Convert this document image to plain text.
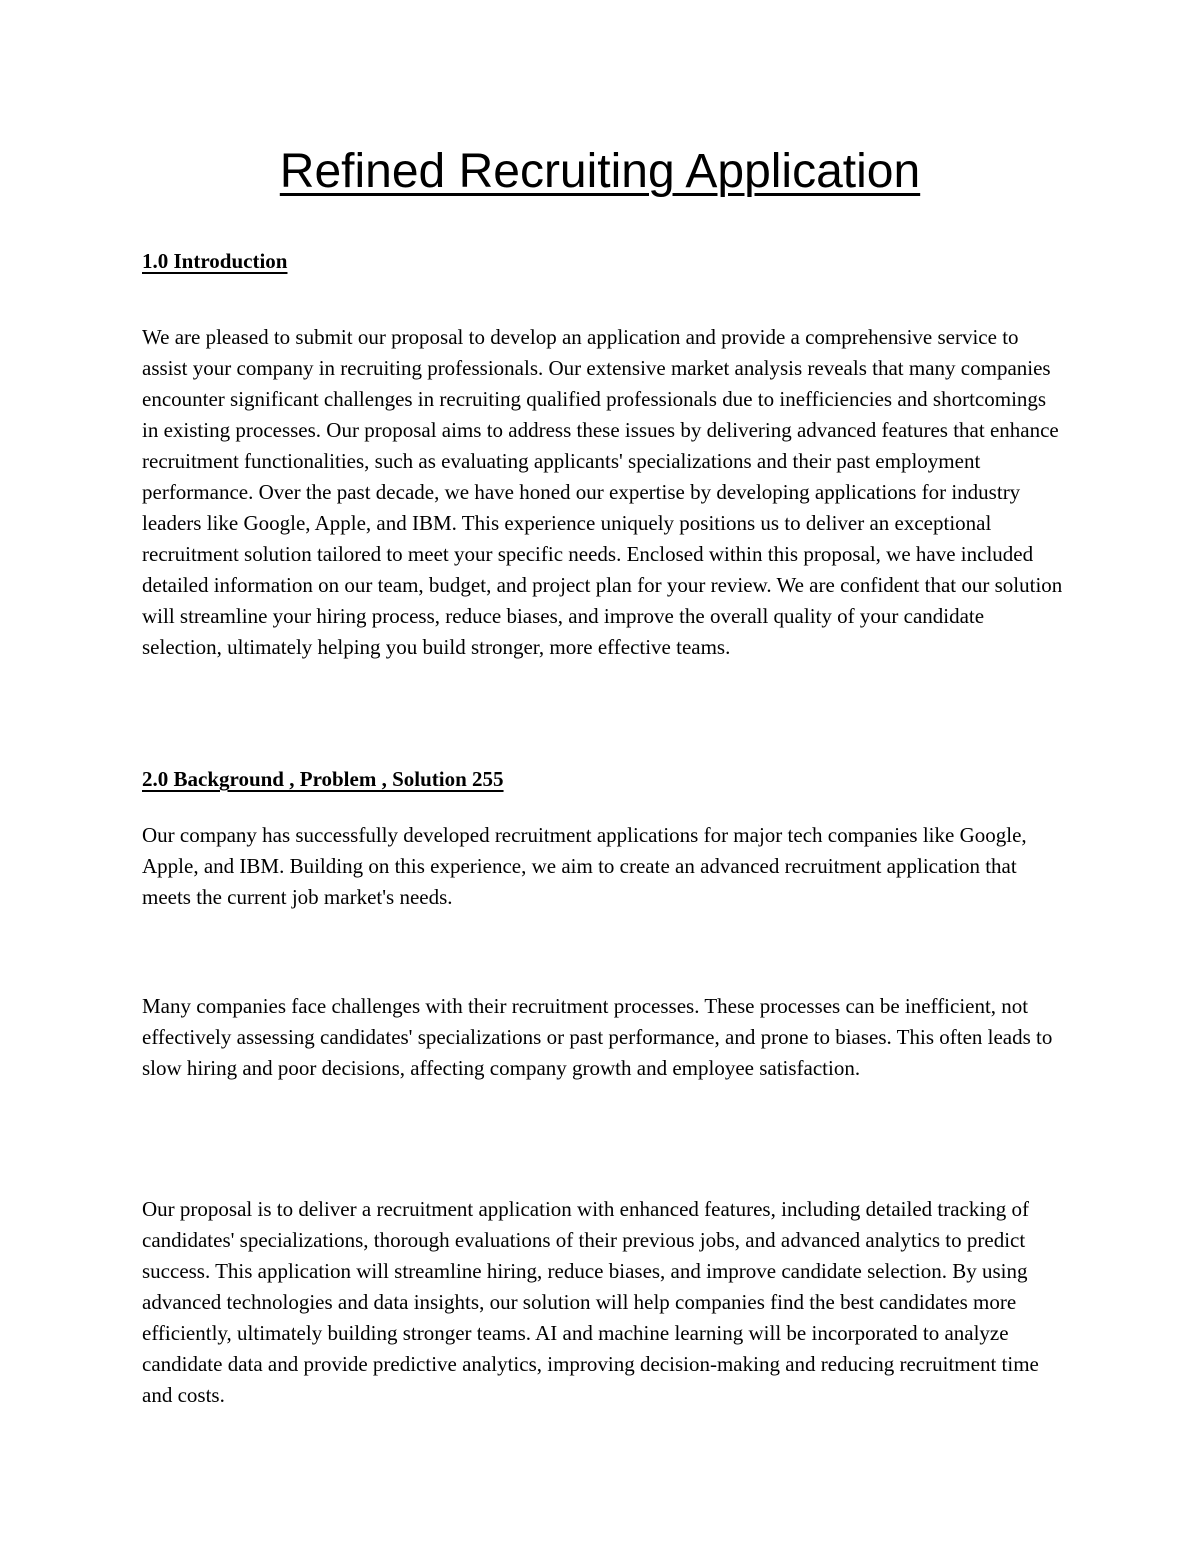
Refined Recruiting Application
1.0 Introduction

We are pleased to submit our proposal to develop an application and provide a comprehensive service to assist your company in recruiting professionals. Our extensive market analysis reveals that many companies encounter significant challenges in recruiting qualified professionals due to inefficiencies and shortcomings in existing processes. Our proposal aims to address these issues by delivering advanced features that enhance recruitment functionalities, such as evaluating applicants' specializations and their past employment performance. Over the past decade, we have honed our expertise by developing applications for industry leaders like Google, Apple, and IBM. This experience uniquely positions us to deliver an exceptional recruitment solution tailored to meet your specific needs. Enclosed within this proposal, we have included detailed information on our team, budget, and project plan for your review. We are confident that our solution will streamline your hiring process, reduce biases, and improve the overall quality of your candidate selection, ultimately helping you build stronger, more effective teams.

2.0 Background , Problem , Solution 255

Our company has successfully developed recruitment applications for major tech companies like Google, Apple, and IBM. Building on this experience, we aim to create an advanced recruitment application that meets the current job market's needs.

Many companies face challenges with their recruitment processes. These processes can be inefficient, not effectively assessing candidates' specializations or past performance, and prone to biases. This often leads to slow hiring and poor decisions, affecting company growth and employee satisfaction.

Our proposal is to deliver a recruitment application with enhanced features, including detailed tracking of candidates' specializations, thorough evaluations of their previous jobs, and advanced analytics to predict success. This application will streamline hiring, reduce biases, and improve candidate selection. By using advanced technologies and data insights, our solution will help companies find the best candidates more efficiently, ultimately building stronger teams. AI and machine learning will be incorporated to analyze candidate data and provide predictive analytics, improving decision-making and reducing recruitment time and costs.
